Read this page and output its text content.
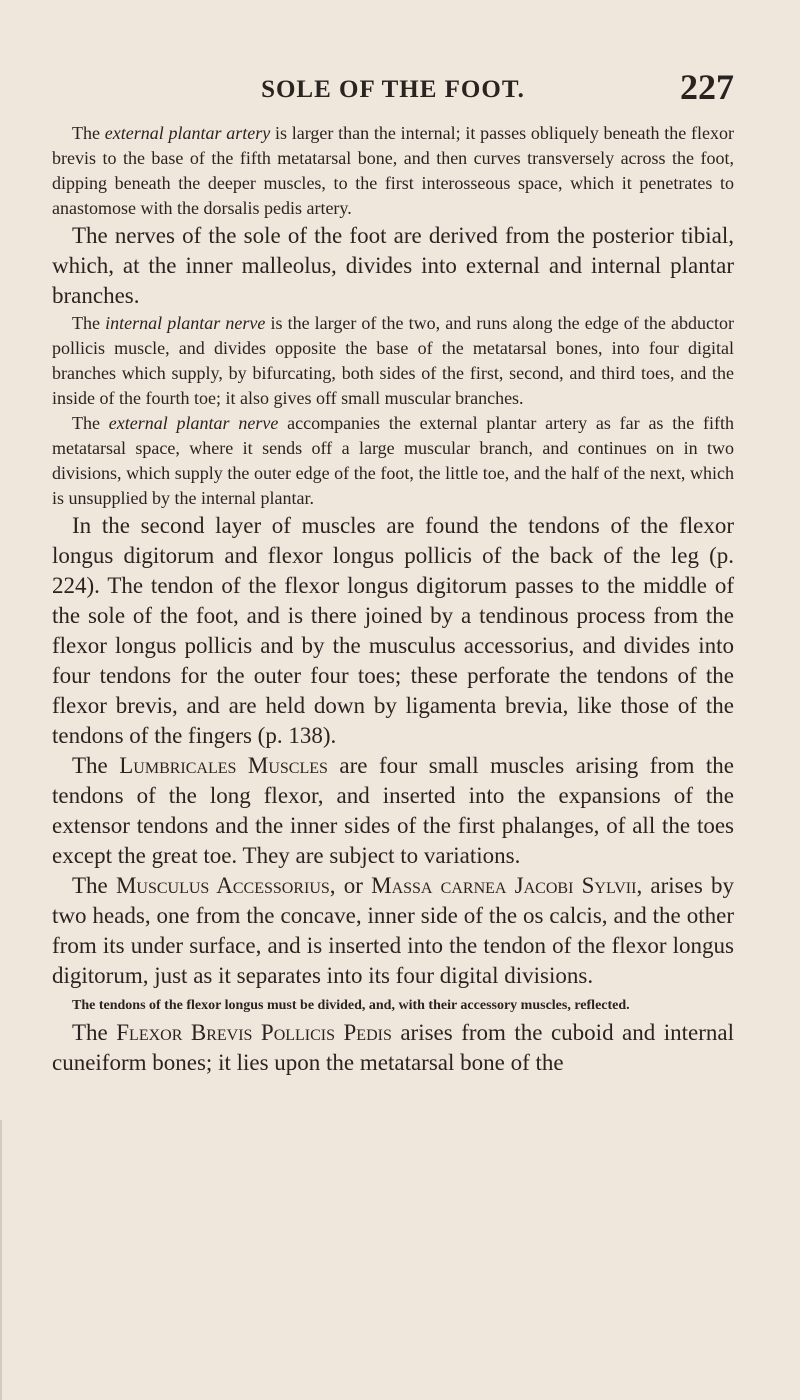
SOLE OF THE FOOT.	227

The external plantar artery is larger than the internal; it passes obliquely beneath the flexor brevis to the base of the fifth metatarsal bone, and then curves transversely across the foot, dipping beneath the deeper muscles, to the first interosseous space, which it penetrates to anastomose with the dorsalis pedis artery.

The nerves of the sole of the foot are derived from the posterior tibial, which, at the inner malleolus, divides into external and internal plantar branches.

The internal plantar nerve is the larger of the two, and runs along the edge of the abductor pollicis muscle, and divides opposite the base of the metatarsal bones, into four digital branches which supply, by bifurcating, both sides of the first, second, and third toes, and the inside of the fourth toe; it also gives off small muscular branches.

The external plantar nerve accompanies the external plantar artery as far as the fifth metatarsal space, where it sends off a large muscular branch, and continues on in two divisions, which supply the outer edge of the foot, the little toe, and the half of the next, which is unsupplied by the internal plantar.

In the second layer of muscles are found the tendons of the flexor longus digitorum and flexor longus pollicis of the back of the leg (p. 224). The tendon of the flexor longus digitorum passes to the middle of the sole of the foot, and is there joined by a tendinous process from the flexor longus pollicis and by the musculus accessorius, and divides into four tendons for the outer four toes; these perforate the tendons of the flexor brevis, and are held down by ligamenta brevia, like those of the tendons of the fingers (p. 138).

The Lumbricales Muscles are four small muscles arising from the tendons of the long flexor, and inserted into the expansions of the extensor tendons and the inner sides of the first phalanges, of all the toes except the great toe. They are subject to variations.

The Musculus Accessorius, or Massa carnea Jacobi Sylvii, arises by two heads, one from the concave, inner side of the os calcis, and the other from its under surface, and is inserted into the tendon of the flexor longus digitorum, just as it separates into its four digital divisions.

The tendons of the flexor longus must be divided, and, with their accessory muscles, reflected.

The Flexor Brevis Pollicis Pedis arises from the cuboid and internal cuneiform bones; it lies upon the metatarsal bone of the
